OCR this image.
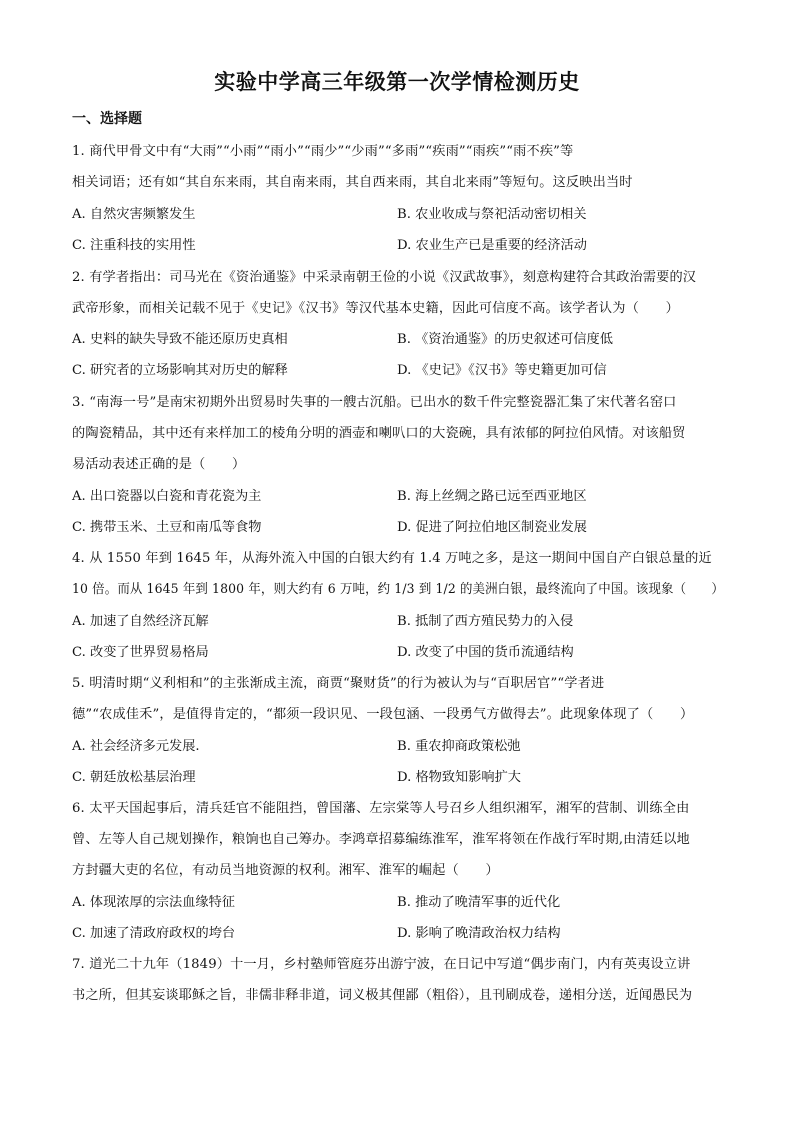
实验中学高三年级第一次学情检测历史
一、选择题
1. 商代甲骨文中有“大雨”“小雨”“雨小”“雨少”“少雨”“多雨”“疾雨”“雨疾”“雨不疾”等
相关词语；还有如“其自东来雨，其自南来雨，其自西来雨，其自北来雨”等短句。这反映出当时
A. 自然灾害频繁发生	B. 农业收成与祭祀活动密切相关
C. 注重科技的实用性	D. 农业生产已是重要的经济活动
2. 有学者指出：司马光在《资治通鉴》中采录南朝王俭的小说《汉武故事》，刻意构建符合其政治需要的汉
武帝形象，而相关记载不见于《史记》《汉书》等汉代基本史籍，因此可信度不高。该学者认为（　　）
A. 史料的缺失导致不能还原历史真相	B. 《资治通鉴》的历史叙述可信度低
C. 研究者的立场影响其对历史的解释	D. 《史记》《汉书》等史籍更加可信
3. “南海一号”是南宋初期外出贸易时失事的一艘古沉船。已出水的数千件完整瓷器汇集了宋代著名窑口
的陶瓷精品，其中还有来样加工的棱角分明的酒壶和喇叭口的大瓷碗，具有浓郁的阿拉伯风情。对该船贸
易活动表述正确的是（　　）
A. 出口瓷器以白瓷和青花瓷为主	B. 海上丝绸之路已远至西亚地区
C. 携带玉米、土豆和南瓜等食物	D. 促进了阿拉伯地区制瓷业发展
4. 从 1550 年到 1645 年，从海外流入中国的白银大约有 1.4 万吨之多，是这一期间中国自产白银总量的近
10 倍。而从 1645 年到 1800 年，则大约有 6 万吨，约 1/3 到 1/2 的美洲白银，最终流向了中国。该现象（　　）
A. 加速了自然经济瓦解	B. 抵制了西方殖民势力的入侵
C. 改变了世界贸易格局	D. 改变了中国的货币流通结构
5. 明清时期“义利相和”的主张渐成主流，商贾“聚财货”的行为被认为与“百职居官”“学者进
德”“农成佳禾”，是值得肯定的，“都须一段识见、一段包涵、一段勇气方做得去”。此现象体现了（　　）
A. 社会经济多元发展.	B. 重农抑商政策松弛
C. 朝廷放松基层治理	D. 格物致知影响扩大
6. 太平天国起事后，清兵廷官不能阻挡，曾国藩、左宗棠等人号召乡人组织湘军，湘军的营制、训练全由
曾、左等人自己规划操作，粮饷也自己筹办。李鸿章招募编练淮军，淮军将领在作战行军时期,由清廷以地
方封疆大吏的名位，有动员当地资源的权利。湘军、淮军的崛起（　　）
A. 体现浓厚的宗法血缘特征	B. 推动了晚清军事的近代化
C. 加速了清政府政权的垮台	D. 影响了晚清政治权力结构
7. 道光二十九年（1849）十一月，乡村塾师管庭芬出游宁波，在日记中写道“偶步南门，内有英夷设立讲
书之所，但其妄谈耶稣之旨，非儒非释非道，词义极其俚鄙（粗俗），且刊刷成卷，递相分送，近闻愚民为
